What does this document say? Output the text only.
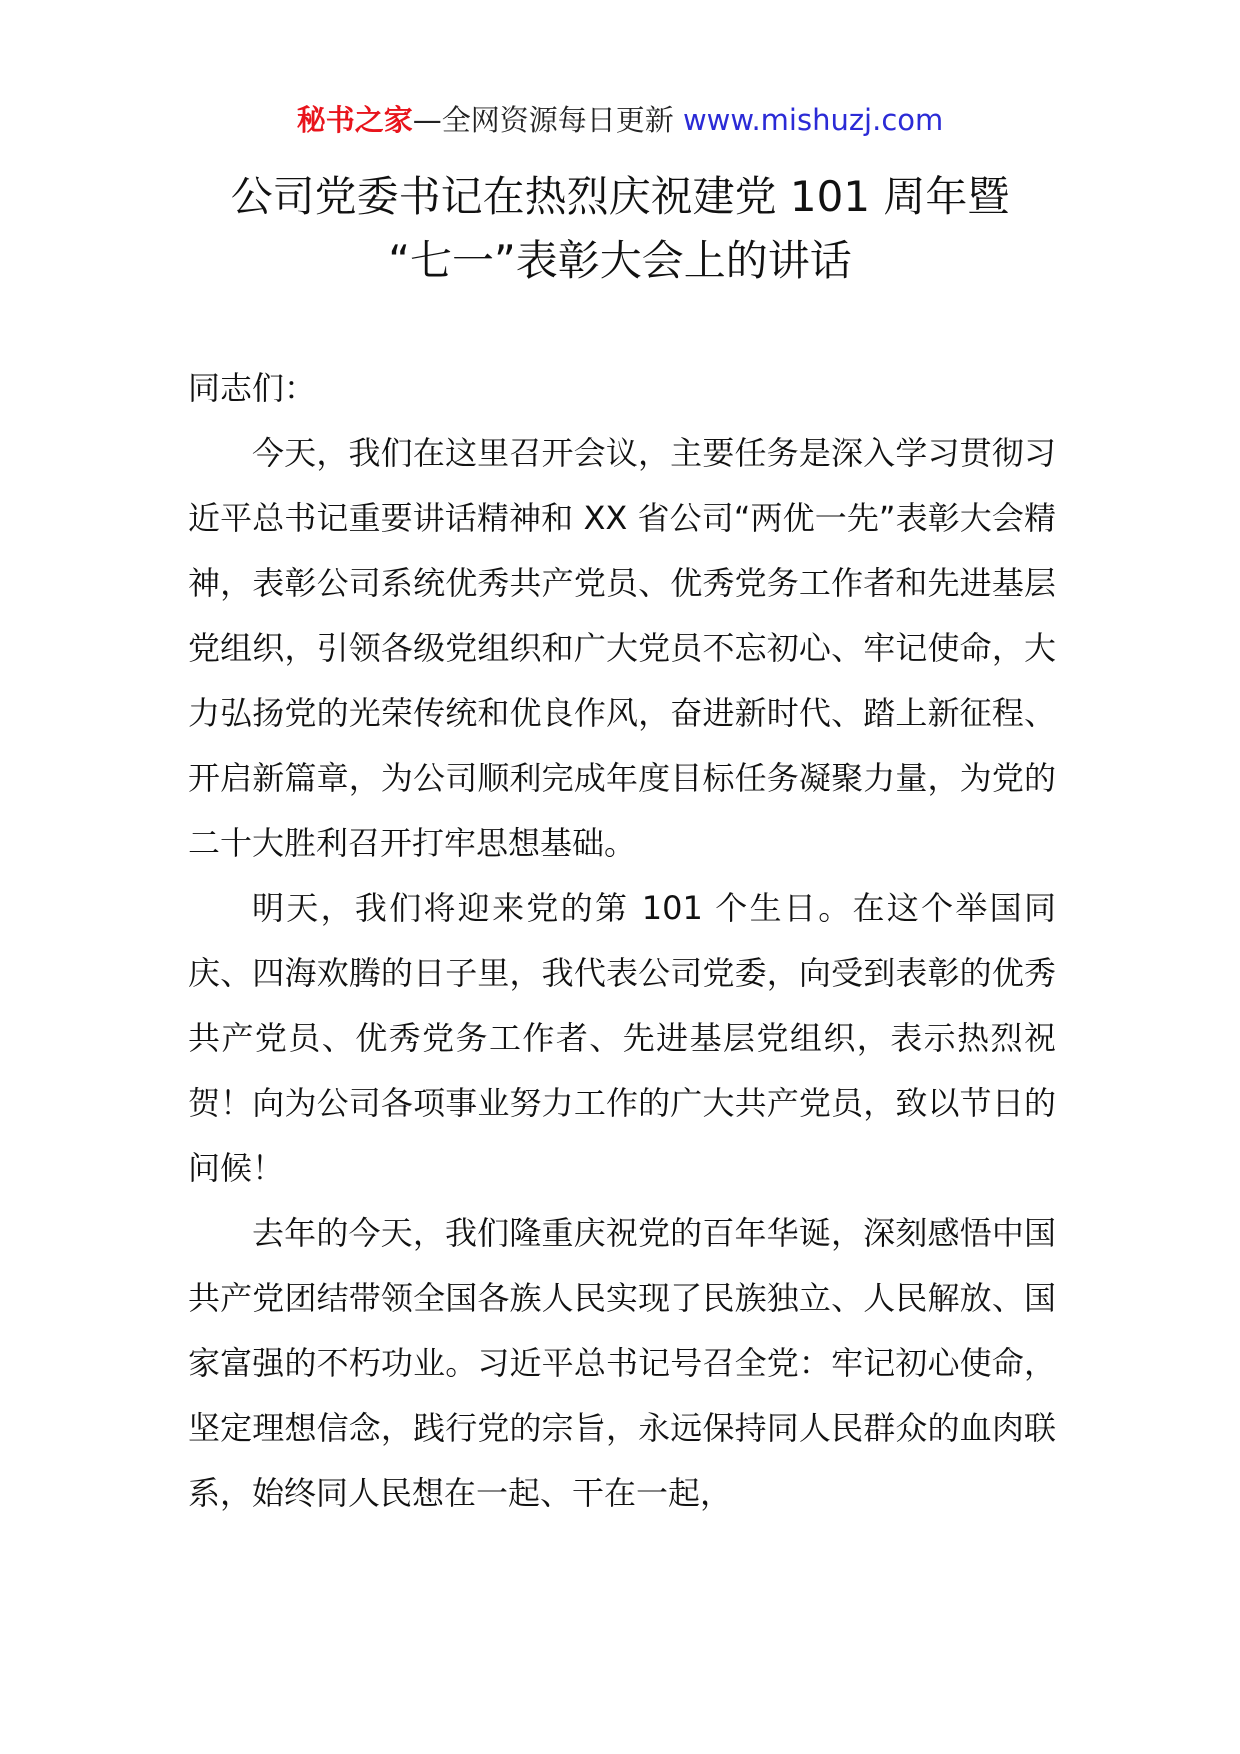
秘书之家—全网资源每日更新 www.mishuzj.com
公司党委书记在热烈庆祝建党 101 周年暨
“七一”表彰大会上的讲话

同志们：

今天，我们在这里召开会议，主要任务是深入学习贯彻习近平总书记重要讲话精神和 XX 省公司“两优一先”表彰大会精神，表彰公司系统优秀共产党员、优秀党务工作者和先进基层党组织，引领各级党组织和广大党员不忘初心、牢记使命，大力弘扬党的光荣传统和优良作风，奋进新时代、踏上新征程、开启新篇章，为公司顺利完成年度目标任务凝聚力量，为党的二十大胜利召开打牢思想基础。

明天，我们将迎来党的第 101 个生日。在这个举国同庆、四海欢腾的日子里，我代表公司党委，向受到表彰的优秀共产党员、优秀党务工作者、先进基层党组织，表示热烈祝贺！向为公司各项事业努力工作的广大共产党员，致以节日的问候！

去年的今天，我们隆重庆祝党的百年华诞，深刻感悟中国共产党团结带领全国各族人民实现了民族独立、人民解放、国家富强的不朽功业。习近平总书记号召全党：牢记初心使命，坚定理想信念，践行党的宗旨，永远保持同人民群众的血肉联系，始终同人民想在一起、干在一起，
